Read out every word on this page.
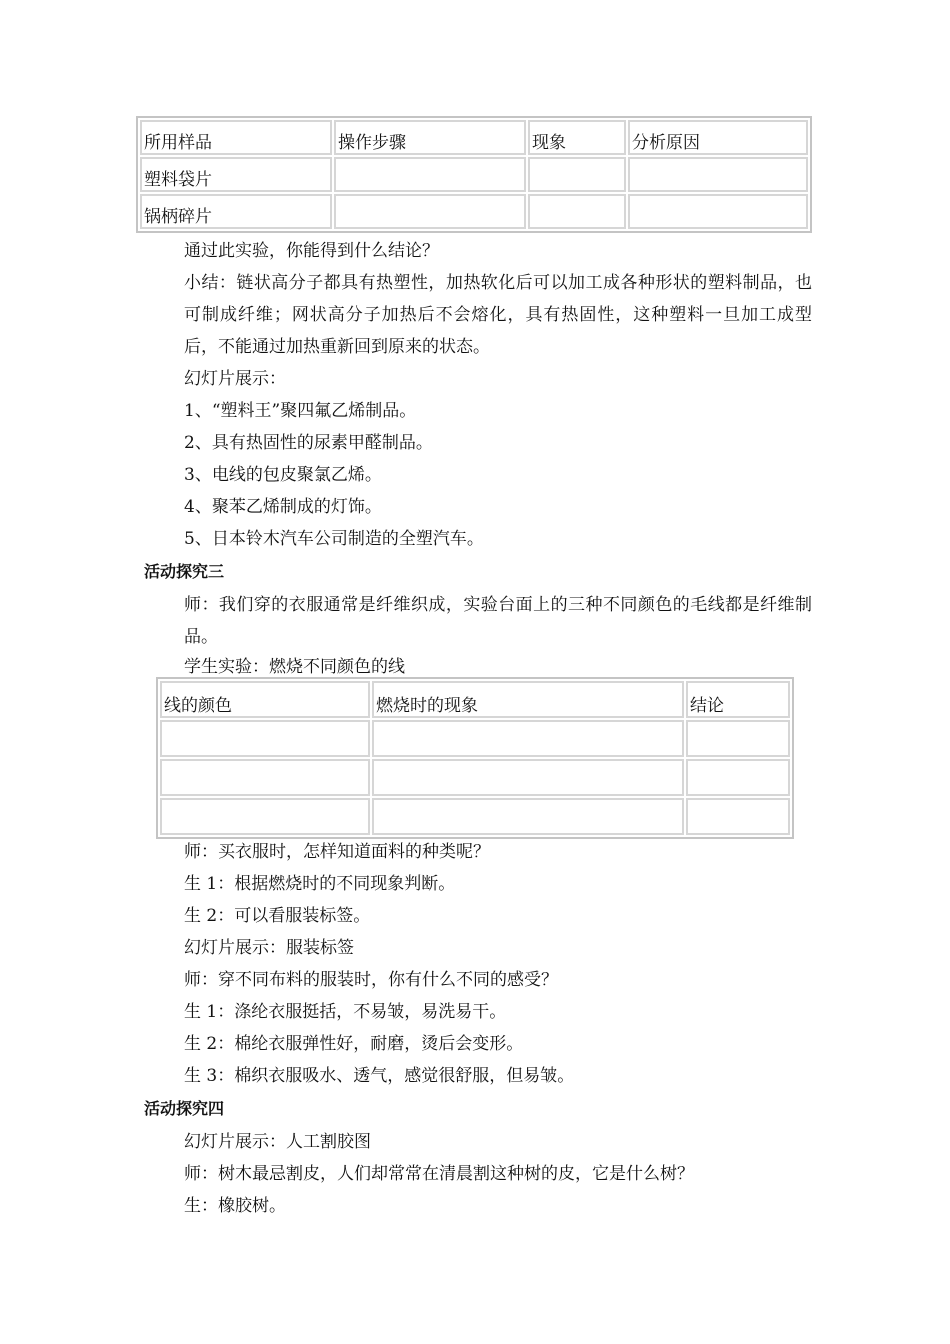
所用样品	操作步骤	现象	分析原因
塑料袋片			
锅柄碎片			
通过此实验，你能得到什么结论？
小结：链状高分子都具有热塑性，加热软化后可以加工成各种形状的塑料制品，也可制成纤维；网状高分子加热后不会熔化，具有热固性，这种塑料一旦加工成型后，不能通过加热重新回到原来的状态。
幻灯片展示：
1、“塑料王”聚四氟乙烯制品。
2、具有热固性的尿素甲醛制品。
3、电线的包皮聚氯乙烯。
4、聚苯乙烯制成的灯饰。
5、日本铃木汽车公司制造的全塑汽车。
活动探究三
师：我们穿的衣服通常是纤维织成，实验台面上的三种不同颜色的毛线都是纤维制品。
学生实验：燃烧不同颜色的线
线的颜色	燃烧时的现象	结论

师：买衣服时，怎样知道面料的种类呢？
生 1：根据燃烧时的不同现象判断。
生 2：可以看服装标签。
幻灯片展示：服装标签
师：穿不同布料的服装时，你有什么不同的感受？
生 1：涤纶衣服挺括，不易皱，易洗易干。
生 2：棉纶衣服弹性好，耐磨，烫后会变形。
生 3：棉织衣服吸水、透气，感觉很舒服，但易皱。
活动探究四
幻灯片展示：人工割胶图
师：树木最忌割皮，人们却常常在清晨割这种树的皮，它是什么树？
生：橡胶树。
